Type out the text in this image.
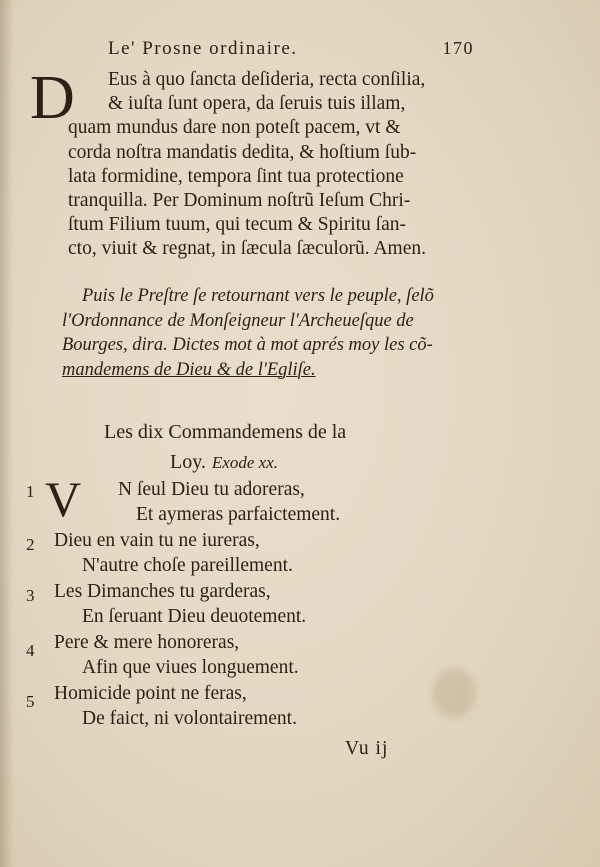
Le' Prosne ordinaire.	170
D	Eus à quo ſancta deſideria, recta conſilia,
& iuſta ſunt opera, da ſeruis tuis illam,
quam mundus dare non poteſt pacem, vt &
corda noſtra mandatis dedita, & hoſtium ſub-
lata formidine, tempora ſint tua protectione
tranquilla. Per Dominum noſtrũ Ieſum Chri-
ſtum Filium tuum, qui tecum & Spiritu ſan-
cto, viuit & regnat, in ſæcula ſæculorũ. Amen.
Puis le Preſtre ſe retournant vers le peuple, ſelõ
l'Ordonnance de Monſeigneur l'Archeueſque de
Bourges, dira. Dictes mot à mot aprés moy les cõ-
mandemens de Dieu & de l'Egliſe.
Les dix Commandemens de la
Loy. Exode xx.
V
1	N ſeul Dieu tu adoreras,
Et aymeras parfaictement.
2	Dieu en vain tu ne iureras,
N'autre choſe pareillement.
3	Les Dimanches tu garderas,
En ſeruant Dieu deuotement.
4	Pere & mere honoreras,
Afin que viues longuement.
5	Homicide point ne feras,
De faict, ni volontairement.
Vu ij
